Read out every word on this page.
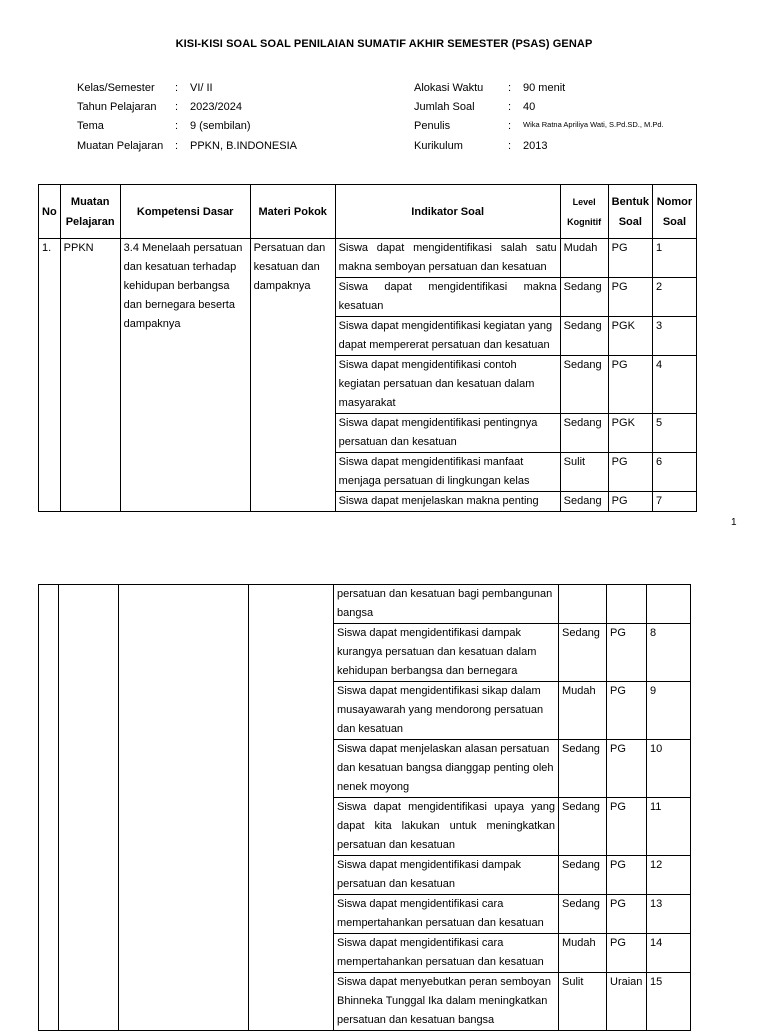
KISI-KISI SOAL SOAL PENILAIAN SUMATIF AKHIR SEMESTER (PSAS) GENAP
Kelas/Semester	:	VI/ II
Tahun Pelajaran	:	2023/2024
Tema	:	9 (sembilan)
Muatan Pelajaran	:	PPKN, B.INDONESIA
Alokasi Waktu	:	90 menit
Jumlah Soal	:	40
Penulis	:	Wika Ratna Apriliya Wati, S.Pd.SD., M.Pd.
Kurikulum	:	2013
No	Muatan Pelajaran	Kompetensi Dasar	Materi Pokok	Indikator Soal	Level Kognitif	Bentuk Soal	Nomor Soal
1.	PPKN	3.4 Menelaah persatuan dan kesatuan terhadap kehidupan berbangsa dan bernegara beserta dampaknya	Persatuan dan kesatuan dan dampaknya	Siswa dapat mengidentifikasi salah satu makna semboyan persatuan dan kesatuan	Mudah	PG	1
				Siswa dapat mengidentifikasi makna kesatuan	Sedang	PG	2
				Siswa dapat mengidentifikasi kegiatan yang dapat mempererat persatuan dan kesatuan	Sedang	PGK	3
				Siswa dapat mengidentifikasi contoh kegiatan persatuan dan kesatuan dalam masyarakat	Sedang	PG	4
				Siswa dapat mengidentifikasi pentingnya persatuan dan kesatuan	Sedang	PGK	5
				Siswa dapat mengidentifikasi manfaat menjaga persatuan di lingkungan kelas	Sulit	PG	6
				Siswa dapat menjelaskan makna penting	Sedang	PG	7
1
				persatuan dan kesatuan bagi pembangunan bangsa			
				Siswa dapat mengidentifikasi dampak kurangya persatuan dan kesatuan dalam kehidupan berbangsa dan bernegara	Sedang	PG	8
				Siswa dapat mengidentifikasi sikap dalam musayawarah yang mendorong persatuan dan kesatuan	Mudah	PG	9
				Siswa dapat menjelaskan alasan persatuan dan kesatuan bangsa dianggap penting oleh nenek moyong	Sedang	PG	10
				Siswa dapat mengidentifikasi upaya yang dapat kita lakukan untuk meningkatkan persatuan dan kesatuan	Sedang	PG	11
				Siswa dapat mengidentifikasi dampak persatuan dan kesatuan	Sedang	PG	12
				Siswa dapat mengidentifikasi cara mempertahankan persatuan dan kesatuan	Sedang	PG	13
				Siswa dapat mengidentifikasi cara mempertahankan persatuan dan kesatuan	Mudah	PG	14
				Siswa dapat menyebutkan peran semboyan Bhinneka Tunggal Ika dalam meningkatkan persatuan dan kesatuan bangsa	Sulit	Uraian	15
